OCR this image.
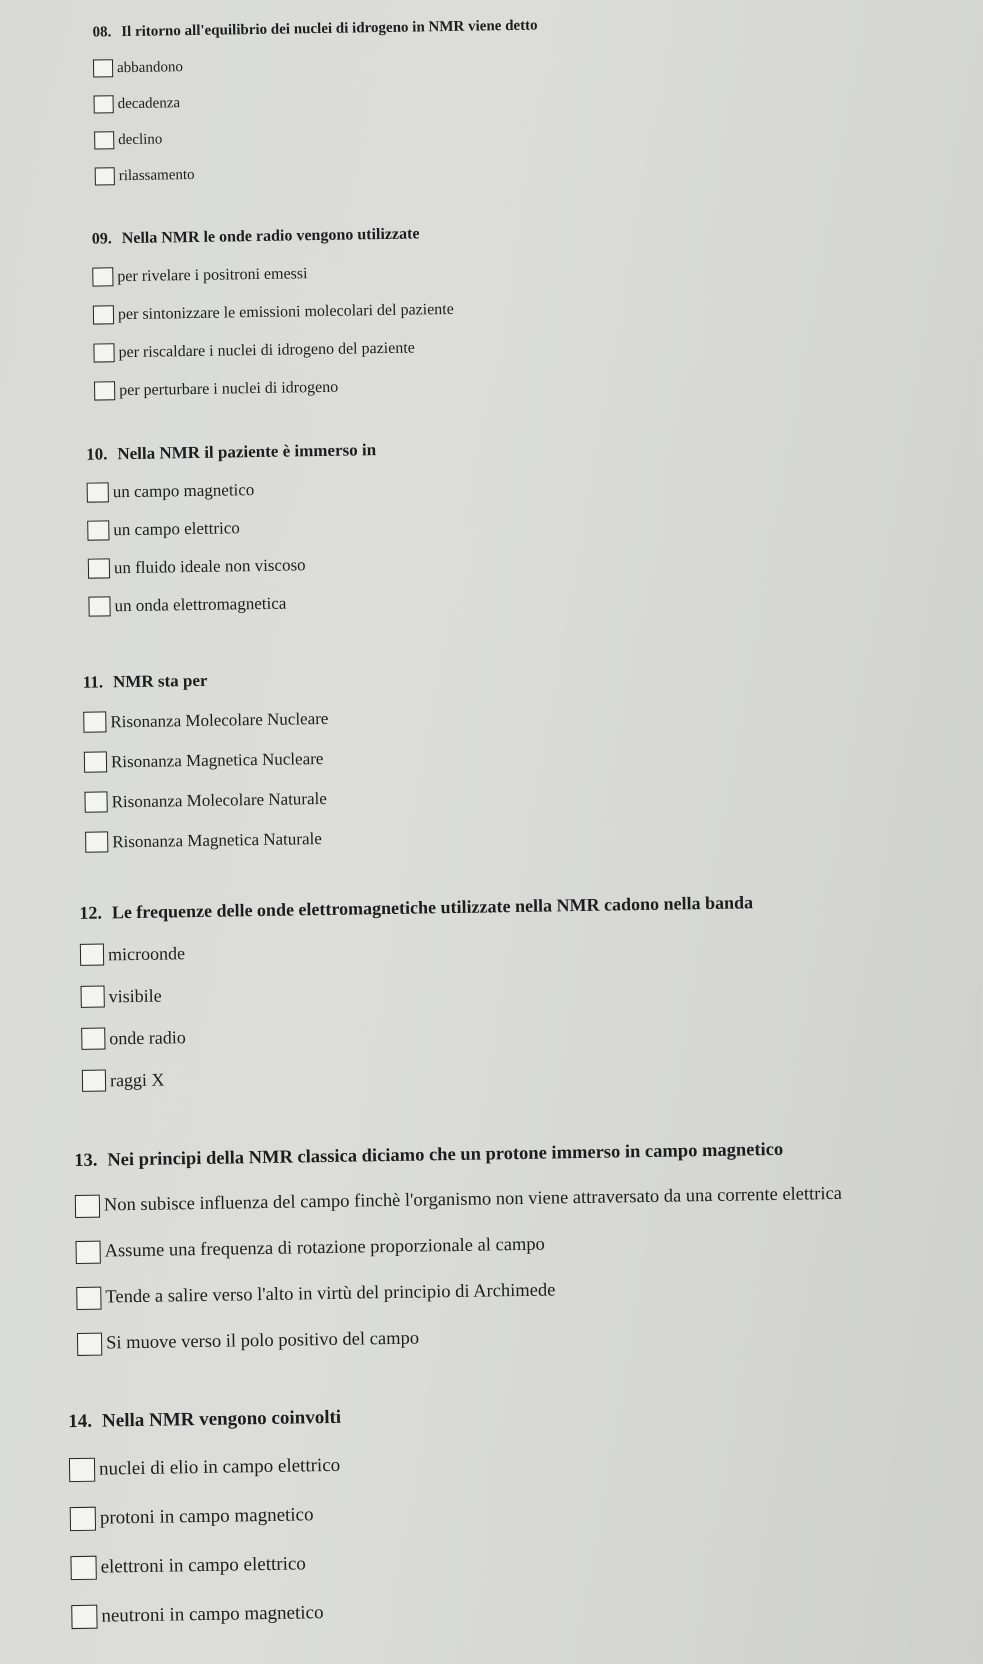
08. Il ritorno all'equilibrio dei nuclei di idrogeno in NMR viene detto

abbandono
decadenza
declino
rilassamento

09. Nella NMR le onde radio vengono utilizzate

per rivelare i positroni emessi
per sintonizzare le emissioni molecolari del paziente
per riscaldare i nuclei di idrogeno del paziente
per perturbare i nuclei di idrogeno

10. Nella NMR il paziente è immerso in

un campo magnetico
un campo elettrico
un fluido ideale non viscoso
un onda elettromagnetica

11. NMR sta per

Risonanza Molecolare Nucleare
Risonanza Magnetica Nucleare
Risonanza Molecolare Naturale
Risonanza Magnetica Naturale

12. Le frequenze delle onde elettromagnetiche utilizzate nella NMR cadono nella banda

microonde
visibile
onde radio
raggi X

13. Nei principi della NMR classica diciamo che un protone immerso in campo magnetico

Non subisce influenza del campo finchè l'organismo non viene attraversato da una corrente elettrica
Assume una frequenza di rotazione proporzionale al campo
Tende a salire verso l'alto in virtù del principio di Archimede
Si muove verso il polo positivo del campo

14. Nella NMR vengono coinvolti

nuclei di elio in campo elettrico
protoni in campo magnetico
elettroni in campo elettrico
neutroni in campo magnetico
